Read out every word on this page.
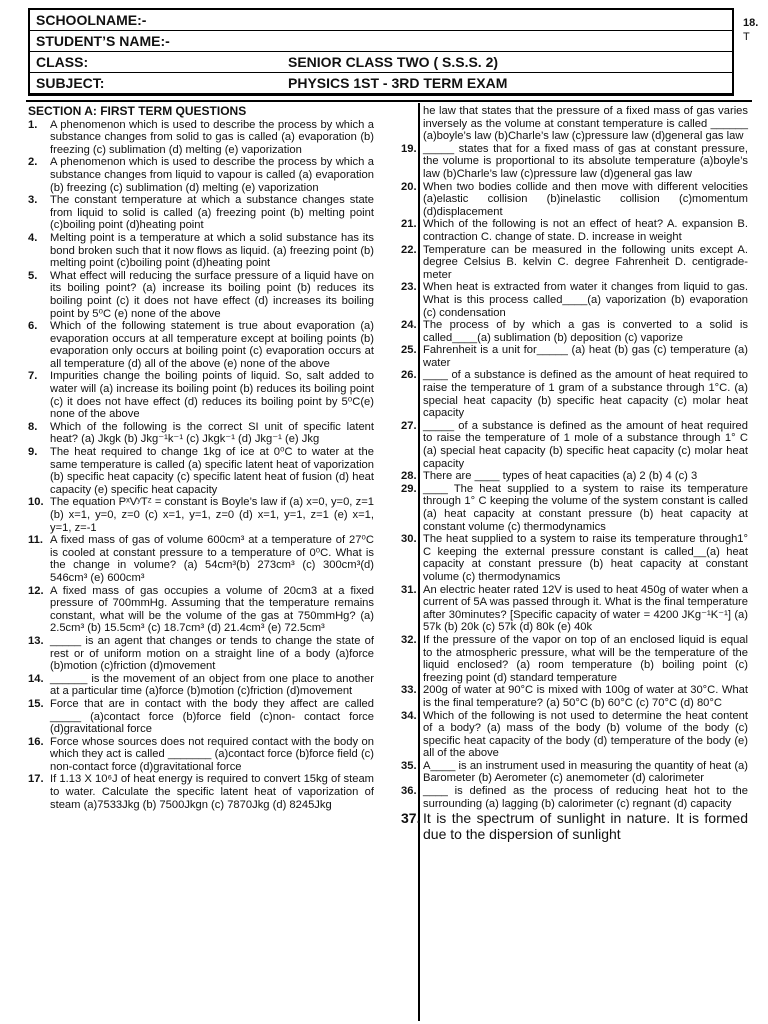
SCHOOLNAME:-
STUDENT’S NAME:-
CLASS:	SENIOR CLASS TWO ( S.S.S. 2)
SUBJECT:	PHYSICS 1ST - 3RD TERM EXAM
18.
T
SECTION A: FIRST TERM QUESTIONS
1. A phenomenon which is used to describe the process by which a substance changes from solid to gas is called (a) evaporation (b) freezing (c) sublimation (d) melting (e) vaporization
2. A phenomenon which is used to describe the process by which a substance changes from liquid to vapour is called (a) evaporation (b) freezing (c) sublimation (d) melting (e) vaporization
3. The constant temperature at which a substance changes state from liquid to solid is called (a) freezing point (b) melting point (c)boiling point (d)heating point
4. Melting point is a temperature at which a solid substance has its bond broken such that it now flows as liquid. (a) freezing point (b) melting point (c)boiling point (d)heating point
5. What effect will reducing the surface pressure of a liquid have on its boiling point? (a) increase its boiling point (b) reduces its boiling point (c) it does not have effect (d) increases its boiling point by 5⁰C (e) none of the above
6. Which of the following statement is true about evaporation (a) evaporation occurs at all temperature except at boiling points (b) evaporation only occurs at boiling point (c) evaporation occurs at all temperature (d) all of the above (e) none of the above
7. Impurities change the boiling points of liquid. So, salt added to water will (a) increase its boiling point (b) reduces its boiling point (c) it does not have effect (d) reduces its boiling point by 5⁰C(e) none of the above
8. Which of the following is the correct SI unit of specific latent heat? (a) Jkgk (b) Jkg⁻¹k⁻¹ (c) Jkgk⁻¹ (d) Jkg⁻¹ (e) Jkg
9. The heat required to change 1kg of ice at 0⁰C to water at the same temperature is called (a) specific latent heat of vaporization (b) specific heat capacity (c) specific latent heat of fusion (d) heat capacity (e) specific heat capacity
10. The equation PˣVʸTᶻ = constant is Boyle’s law if (a) x=0, y=0, z=1 (b) x=1, y=0, z=0 (c) x=1, y=1, z=0 (d) x=1, y=1, z=1 (e) x=1, y=1, z=-1
11. A fixed mass of gas of volume 600cm³ at a temperature of 27⁰C is cooled at constant pressure to a temperature of 0⁰C. What is the change in volume? (a) 54cm³(b) 273cm³ (c) 300cm³(d) 546cm³ (e) 600cm³
12. A fixed mass of gas occupies a volume of 20cm3 at a fixed pressure of 700mmHg. Assuming that the temperature remains constant, what will be the volume of the gas at 750mmHg? (a) 2.5cm³ (b) 15.5cm³ (c) 18.7cm³ (d) 21.4cm³ (e) 72.5cm³
13. _____ is an agent that changes or tends to change the state of rest or of uniform motion on a straight line of a body (a)force (b)motion (c)friction (d)movement
14. ______ is the movement of an object from one place to another at a particular time (a)force (b)motion (c)friction (d)movement
15. Force that are in contact with the body they affect are called _____ (a)contact force (b)force field (c)non- contact force (d)gravitational force
16. Force whose sources does not required contact with the body on which they act is called _______ (a)contact force (b)force field (c) non-contact force (d)gravitational force
17. If 1.13 X 10⁶J of heat energy is required to convert 15kg of steam to water. Calculate the specific latent heat of vaporization of steam (a)7533Jkg (b) 7500Jkgn (c) 7870Jkg (d) 8245Jkg
he law that states that the pressure of a fixed mass of gas varies inversely as the volume at constant temperature is called ______ (a)boyle’s law (b)Charle’s law (c)pressure law (d)general gas law
19. _____ states that for a fixed mass of gas at constant pressure, the volume is proportional to its absolute temperature (a)boyle’s law (b)Charle’s law (c)pressure law (d)general gas law
20. When two bodies collide and then move with different velocities (a)elastic collision (b)inelastic collision (c)momentum (d)displacement
21. Which of the following is not an effect of heat? A. expansion B. contraction C. change of state. D. increase in weight
22. Temperature can be measured in the following units except A. degree Celsius B. kelvin C. degree Fahrenheit D. centigrade-meter
23. When heat is extracted from water it changes from liquid to gas. What is this process called____(a) vaporization (b) evaporation (c) condensation
24. The process of by which a gas is converted to a solid is called____(a) sublimation (b) deposition (c) vaporize
25. Fahrenheit is a unit for_____ (a) heat (b) gas (c) temperature (a) water
26. ____ of a substance is defined as the amount of heat required to raise the temperature of 1 gram of a substance through 1°C. (a) special heat capacity (b) specific heat capacity (c) molar heat capacity
27. _____ of a substance is defined as the amount of heat required to raise the temperature of 1 mole of a substance through 1° C (a) special heat capacity (b) specific heat capacity (c) molar heat capacity
28. There are ____ types of heat capacities (a) 2 (b) 4 (c) 3
29. ____ The heat supplied to a system to raise its temperature through 1° C keeping the volume of the system constant is called (a) heat capacity at constant pressure (b) heat capacity at constant volume (c) thermodynamics
30. The heat supplied to a system to raise its temperature through1° C keeping the external pressure constant is called__(a) heat capacity at constant pressure (b) heat capacity at constant volume (c) thermodynamics
31. An electric heater rated 12V is used to heat 450g of water when a current of 5A was passed through it. What is the final temperature after 30minutes? [Specific capacity of water = 4200 JKg⁻¹K⁻¹] (a) 57k (b) 20k (c) 57k (d) 80k (e) 40k
32. If the pressure of the vapor on top of an enclosed liquid is equal to the atmospheric pressure, what will be the temperature of the liquid enclosed? (a) room temperature (b) boiling point (c) freezing point (d) standard temperature
33. 200g of water at 90°C is mixed with 100g of water at 30°C. What is the final temperature? (a) 50°C (b) 60°C (c) 70°C (d) 80°C
34. Which of the following is not used to determine the heat content of a body? (a) mass of the body (b) volume of the body (c) specific heat capacity of the body (d) temperature of the body (e) all of the above
35. A____ is an instrument used in measuring the quantity of heat (a) Barometer (b) Aerometer (c) anemometer (d) calorimeter
36. ____ is defined as the process of reducing heat hot to the surrounding (a) lagging (b) calorimeter (c) regnant (d) capacity
37. It is the spectrum of sunlight in nature. It is formed due to the dispersion of sunlight
